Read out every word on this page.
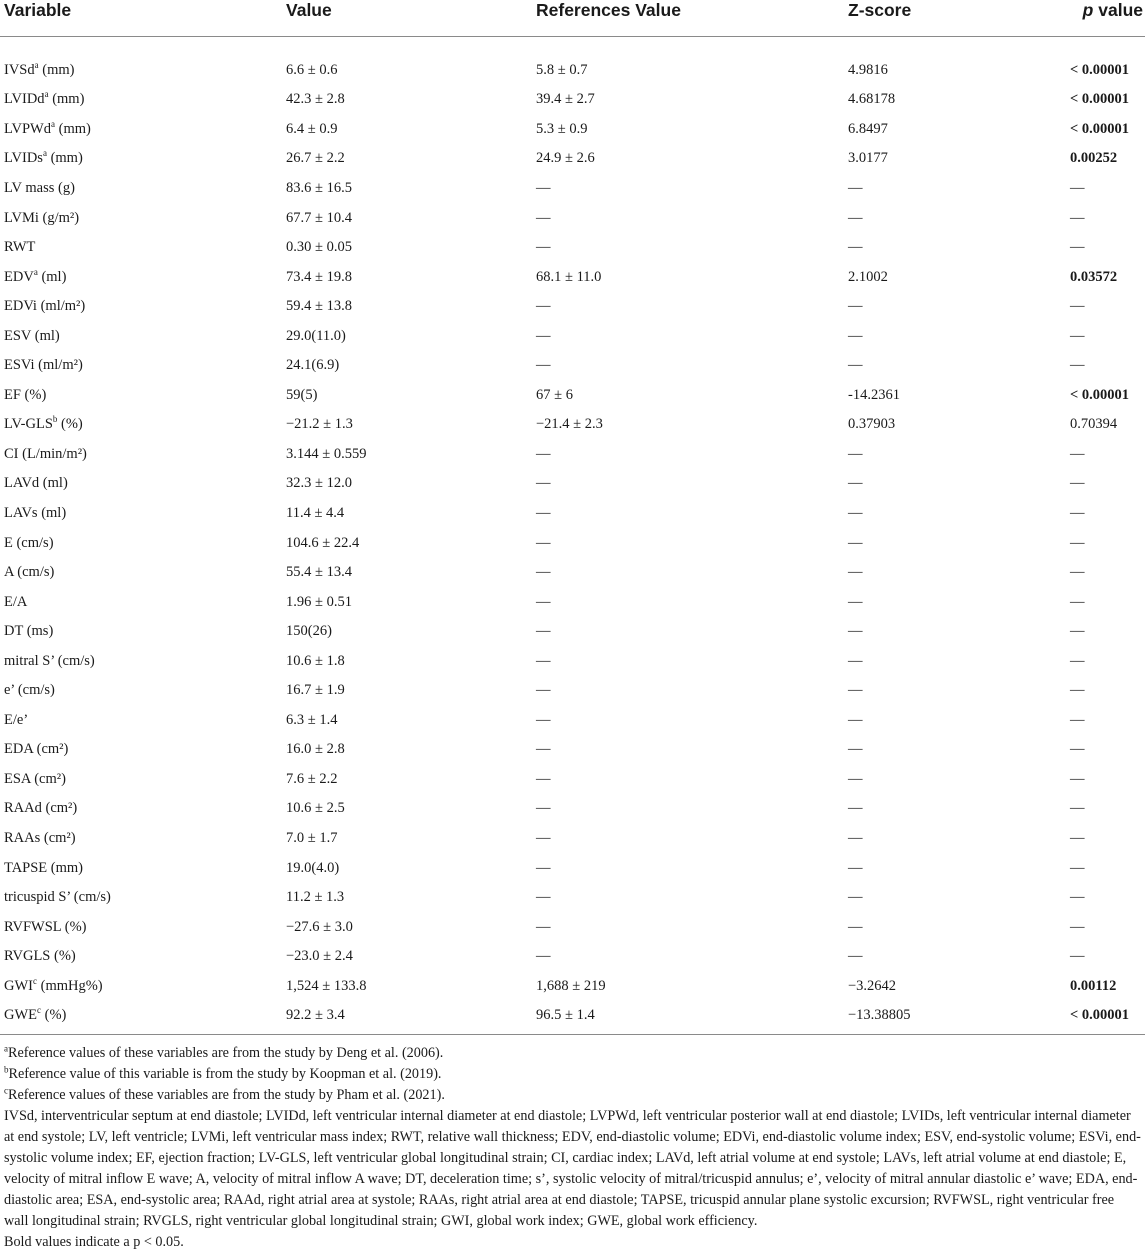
Variable	Value	References Value	Z-score	p value
IVSd$^a$ (mm)	6.6 ± 0.6	5.8 ± 0.7	4.9816	< 0.00001
LVIDd$^a$ (mm)	42.3 ± 2.8	39.4 ± 2.7	4.68178	< 0.00001
LVPWd$^a$ (mm)	6.4 ± 0.9	5.3 ± 0.9	6.8497	< 0.00001
LVIDs$^a$ (mm)	26.7 ± 2.2	24.9 ± 2.6	3.0177	0.00252
LV mass (g)	83.6 ± 16.5	—	—	—
LVMi (g/m²)	67.7 ± 10.4	—	—	—
RWT	0.30 ± 0.05	—	—	—
EDV$^a$ (ml)	73.4 ± 19.8	68.1 ± 11.0	2.1002	0.03572
EDVi (ml/m²)	59.4 ± 13.8	—	—	—
ESV (ml)	29.0(11.0)	—	—	—
ESVi (ml/m²)	24.1(6.9)	—	—	—
EF (%)	59(5)	67 ± 6	-14.2361	< 0.00001
LV-GLS$^b$ (%)	−21.2 ± 1.3	−21.4 ± 2.3	0.37903	0.70394
CI (L/min/m²)	3.144 ± 0.559	—	—	—
LAVd (ml)	32.3 ± 12.0	—	—	—
LAVs (ml)	11.4 ± 4.4	—	—	—
E (cm/s)	104.6 ± 22.4	—	—	—
A (cm/s)	55.4 ± 13.4	—	—	—
E/A	1.96 ± 0.51	—	—	—
DT (ms)	150(26)	—	—	—
mitral S’ (cm/s)	10.6 ± 1.8	—	—	—
e’ (cm/s)	16.7 ± 1.9	—	—	—
E/e’	6.3 ± 1.4	—	—	—
EDA (cm²)	16.0 ± 2.8	—	—	—
ESA (cm²)	7.6 ± 2.2	—	—	—
RAAd (cm²)	10.6 ± 2.5	—	—	—
RAAs (cm²)	7.0 ± 1.7	—	—	—
TAPSE (mm)	19.0(4.0)	—	—	—
tricuspid S’ (cm/s)	11.2 ± 1.3	—	—	—
RVFWSL (%)	−27.6 ± 3.0	—	—	—
RVGLS (%)	−23.0 ± 2.4	—	—	—
GWI$^c$ (mmHg%)	1,524 ± 133.8	1,688 ± 219	−3.2642	0.00112
GWE$^c$ (%)	92.2 ± 3.4	96.5 ± 1.4	−13.38805	< 0.00001

$^a$Reference values of these variables are from the study by Deng et al. (2006).

$^b$Reference value of this variable is from the study by Koopman et al. (2019).

$^c$Reference values of these variables are from the study by Pham et al. (2021).

IVSd, interventricular septum at end diastole; LVIDd, left ventricular internal diameter at end diastole; LVPWd, left ventricular posterior wall at end diastole; LVIDs, left ventricular internal diameter at end systole; LV, left ventricle; LVMi, left ventricular mass index; RWT, relative wall thickness; EDV, end-diastolic volume; EDVi, end-diastolic volume index; ESV, end-systolic volume; ESVi, end-systolic volume index; EF, ejection fraction; LV-GLS, left ventricular global longitudinal strain; CI, cardiac index; LAVd, left atrial volume at end systole; LAVs, left atrial volume at end diastole; E, velocity of mitral inflow E wave; A, velocity of mitral inflow A wave; DT, deceleration time; s’, systolic velocity of mitral/tricuspid annulus; e’, velocity of mitral annular diastolic e’ wave; EDA, end-diastolic area; ESA, end-systolic area; RAAd, right atrial area at systole; RAAs, right atrial area at end diastole; TAPSE, tricuspid annular plane systolic excursion; RVFWSL, right ventricular free wall longitudinal strain; RVGLS, right ventricular global longitudinal strain; GWI, global work index; GWE, global work efficiency.

Bold values indicate a p < 0.05.
